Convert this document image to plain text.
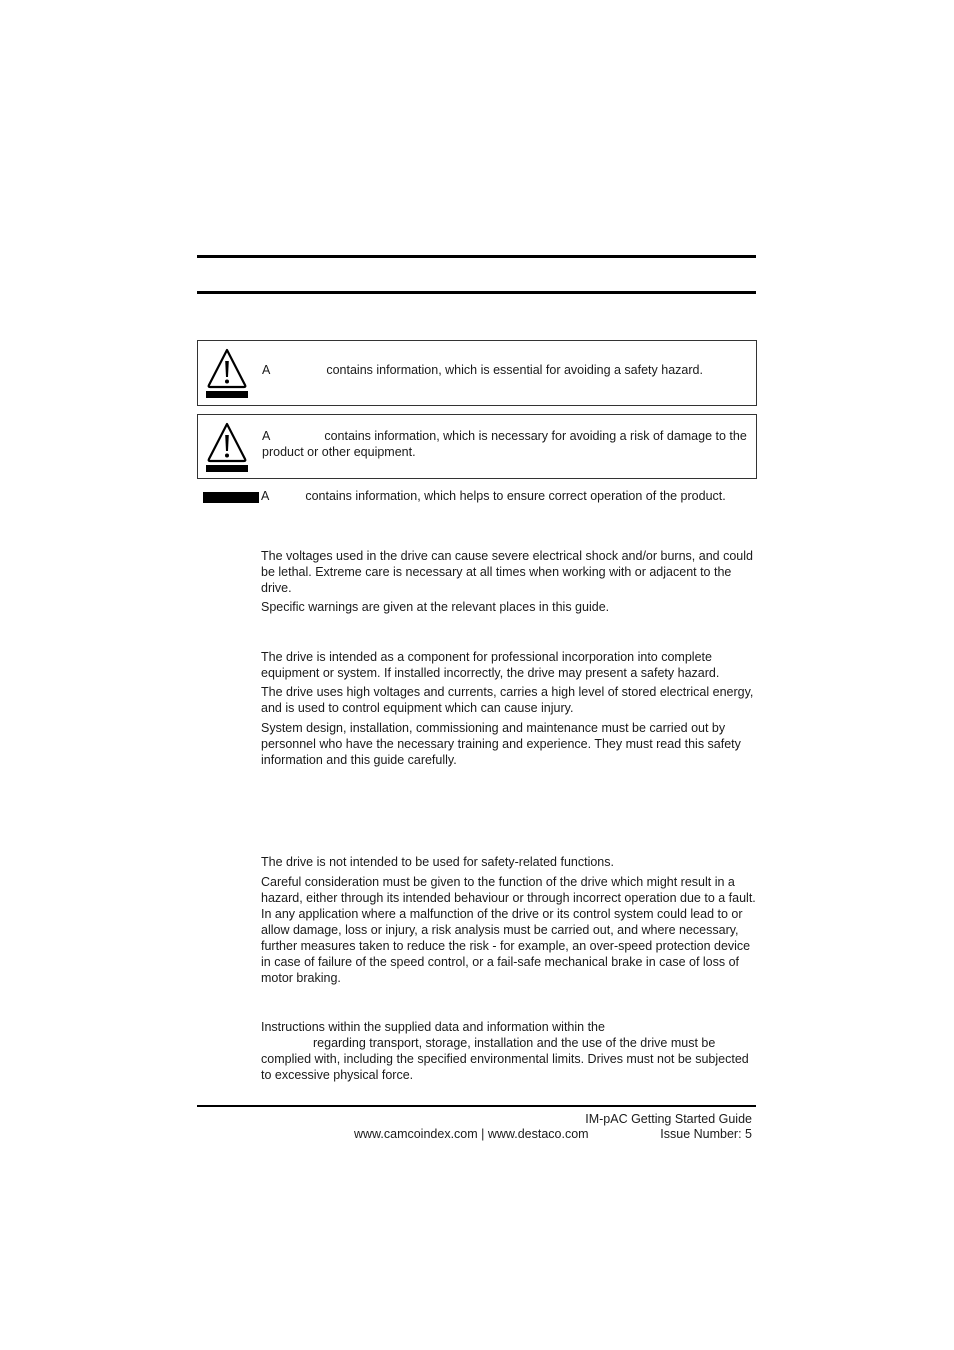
A	contains information, which is essential for avoiding a safety hazard.
A	contains information, which is necessary for avoiding a risk of damage to the product or other equipment.
A	contains information, which helps to ensure correct operation of the product.

The voltages used in the drive can cause severe electrical shock and/or burns, and could be lethal. Extreme care is necessary at all times when working with or adjacent to the drive.

Specific warnings are given at the relevant places in this guide.

The drive is intended as a component for professional incorporation into complete equipment or system. If installed incorrectly, the drive may present a safety hazard.

The drive uses high voltages and currents, carries a high level of stored electrical energy, and is used to control equipment which can cause injury.

System design, installation, commissioning and maintenance must be carried out by personnel who have the necessary training and experience. They must read this safety information and this guide carefully.

The drive is not intended to be used for safety-related functions.

Careful consideration must be given to the function of the drive which might result in a hazard, either through its intended behaviour or through incorrect operation due to a fault. In any application where a malfunction of the drive or its control system could lead to or allow damage, loss or injury, a risk analysis must be carried out, and where necessary, further measures taken to reduce the risk - for example, an over-speed protection device in case of failure of the speed control, or a fail-safe mechanical brake in case of loss of motor braking.

Instructions within the supplied data and information within the
regarding transport, storage, installation and the use of the drive must be complied with, including the specified environmental limits. Drives must not be subjected to excessive physical force.

IM-pAC Getting Started Guide
www.camcoindex.com | www.destaco.com	Issue Number: 5
